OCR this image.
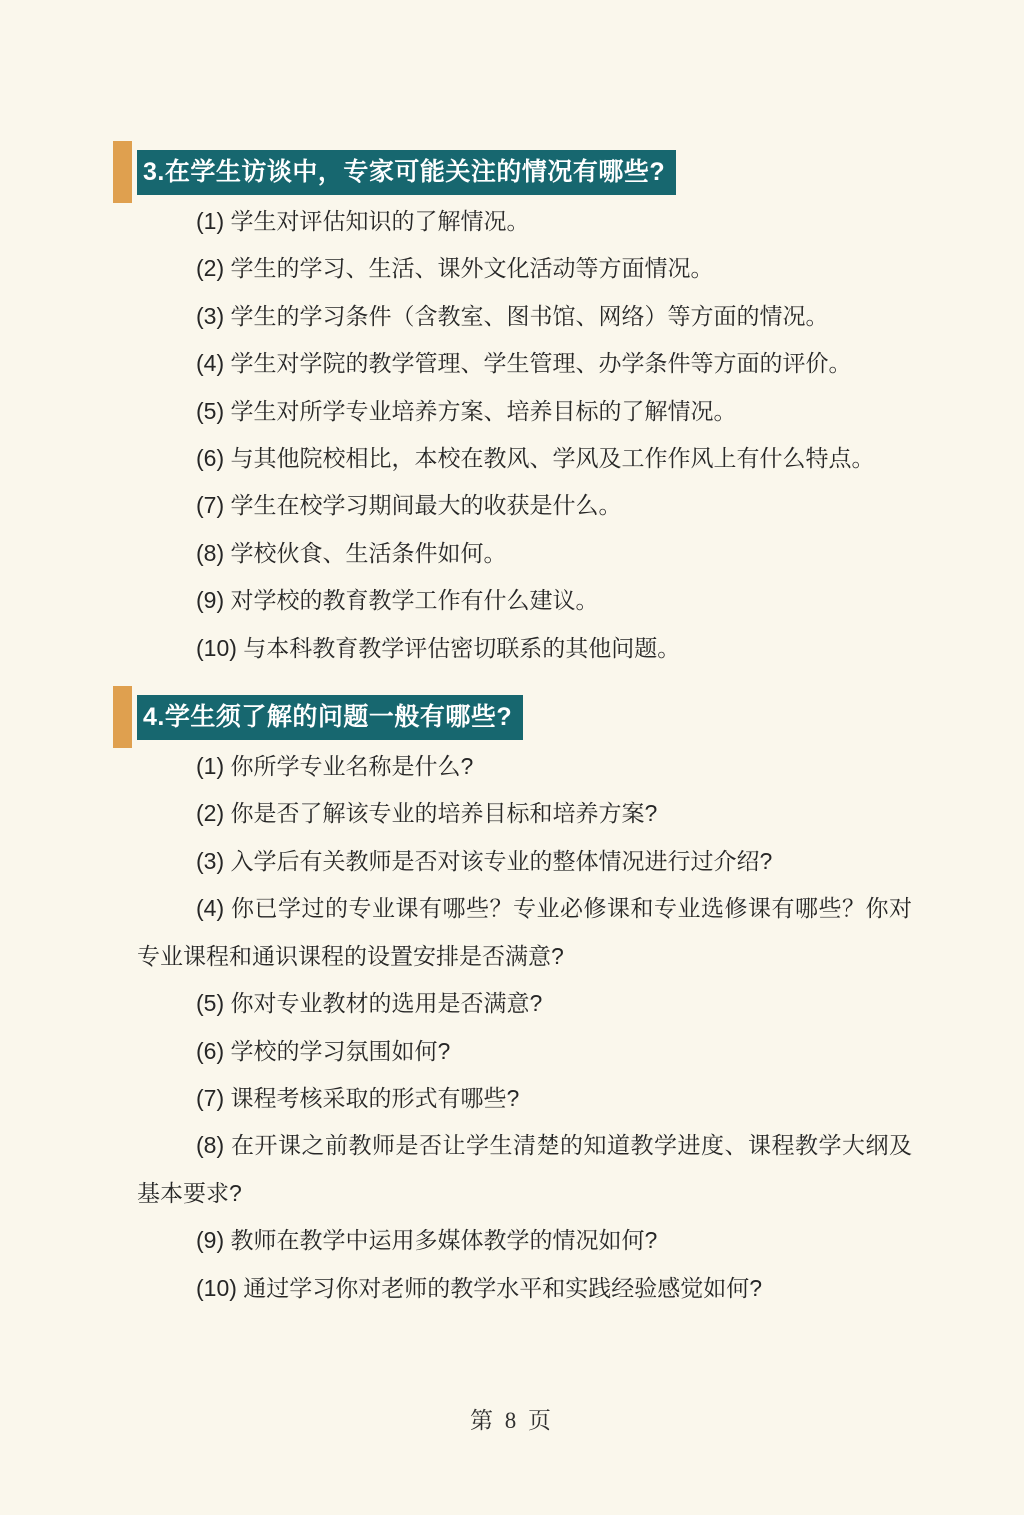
3.在学生访谈中，专家可能关注的情况有哪些?

(1) 学生对评估知识的了解情况。

(2) 学生的学习、生活、课外文化活动等方面情况。

(3) 学生的学习条件（含教室、图书馆、网络）等方面的情况。

(4) 学生对学院的教学管理、学生管理、办学条件等方面的评价。

(5) 学生对所学专业培养方案、培养目标的了解情况。

(6) 与其他院校相比，本校在教风、学风及工作作风上有什么特点。

(7) 学生在校学习期间最大的收获是什么。

(8) 学校伙食、生活条件如何。

(9) 对学校的教育教学工作有什么建议。

(10) 与本科教育教学评估密切联系的其他问题。

4.学生须了解的问题一般有哪些?

(1) 你所学专业名称是什么?

(2) 你是否了解该专业的培养目标和培养方案?

(3) 入学后有关教师是否对该专业的整体情况进行过介绍?

(4) 你已学过的专业课有哪些？专业必修课和专业选修课有哪些？你对专业课程和通识课程的设置安排是否满意?

(5) 你对专业教材的选用是否满意?

(6) 学校的学习氛围如何?

(7) 课程考核采取的形式有哪些?

(8) 在开课之前教师是否让学生清楚的知道教学进度、课程教学大纲及基本要求?

(9) 教师在教学中运用多媒体教学的情况如何?

(10) 通过学习你对老师的教学水平和实践经验感觉如何?

第 8 页
